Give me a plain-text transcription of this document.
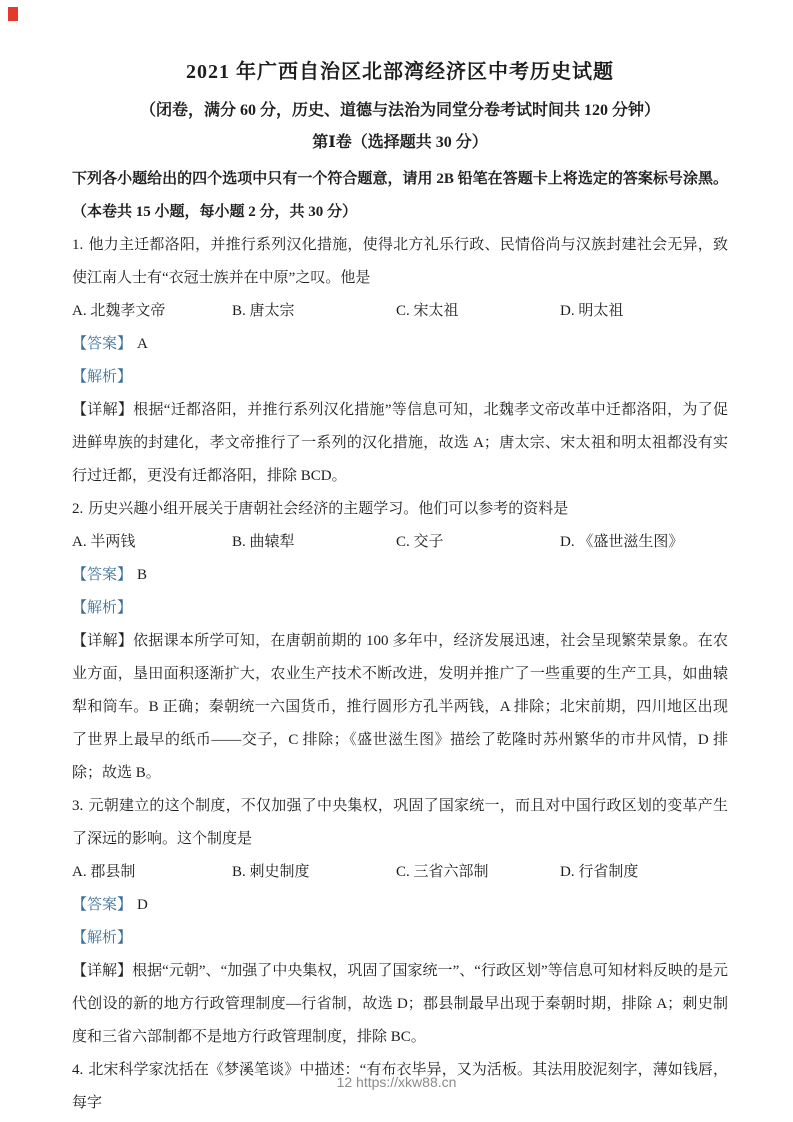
2021 年广西自治区北部湾经济区中考历史试题
（闭卷，满分 60 分，历史、道德与法治为同堂分卷考试时间共 120 分钟）
第Ⅰ卷（选择题共 30 分）

下列各小题给出的四个选项中只有一个符合题意，请用 2B 铅笔在答题卡上将选定的答案标号涂黑。（本卷共 15 小题，每小题 2 分，共 30 分）

1. 他力主迁都洛阳，并推行系列汉化措施，使得北方礼乐行政、民情俗尚与汉族封建社会无异，致使江南人士有“衣冠士族并在中原”之叹。他是

A. 北魏孝文帝	B. 唐太宗	C. 宋太祖	D. 明太祖

【答案】 A

【解析】

【详解】根据“迁都洛阳，并推行系列汉化措施”等信息可知，北魏孝文帝改革中迁都洛阳，为了促进鲜卑族的封建化，孝文帝推行了一系列的汉化措施，故选 A；唐太宗、宋太祖和明太祖都没有实行过迁都，更没有迁都洛阳，排除 BCD。

2. 历史兴趣小组开展关于唐朝社会经济的主题学习。他们可以参考的资料是

A. 半两钱	B. 曲辕犁	C. 交子	D. 《盛世滋生图》

【答案】 B

【解析】

【详解】依据课本所学可知，在唐朝前期的 100 多年中，经济发展迅速，社会呈现繁荣景象。在农业方面，垦田面积逐渐扩大，农业生产技术不断改进，发明并推广了一些重要的生产工具，如曲辕犁和筒车。B 正确；秦朝统一六国货币，推行圆形方孔半两钱，A 排除；北宋前期，四川地区出现了世界上最早的纸币——交子，C 排除；《盛世滋生图》描绘了乾隆时苏州繁华的市井风情，D 排除；故选 B。

3. 元朝建立的这个制度，不仅加强了中央集权，巩固了国家统一，而且对中国行政区划的变革产生了深远的影响。这个制度是

A. 郡县制	B. 刺史制度	C. 三省六部制	D. 行省制度

【答案】 D

【解析】

【详解】根据“元朝”、“加强了中央集权，巩固了国家统一”、“行政区划”等信息可知材料反映的是元代创设的新的地方行政管理制度—行省制，故选 D；郡县制最早出现于秦朝时期，排除 A；刺史制度和三省六部制都不是地方行政管理制度，排除 BC。

4. 北宋科学家沈括在《梦溪笔谈》中描述：“有布衣毕异，又为活板。其法用胶泥刻字，薄如钱唇，每字

12 https://xkw88.cn
